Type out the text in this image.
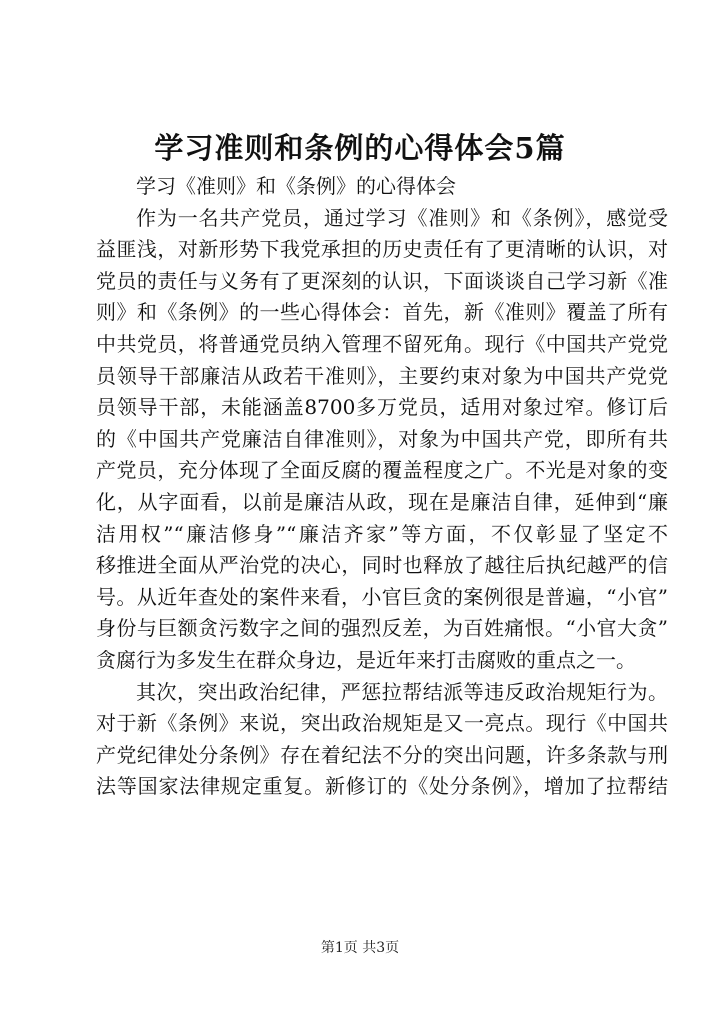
学习准则和条例的心得体会5篇
学习《准则》和《条例》的心得体会
作为一名共产党员，通过学习《准则》和《条例》，感觉受
益匪浅，对新形势下我党承担的历史责任有了更清晰的认识，对
党员的责任与义务有了更深刻的认识，下面谈谈自己学习新《准
则》和《条例》的一些心得体会：首先，新《准则》覆盖了所有
中共党员，将普通党员纳入管理不留死角。现行《中国共产党党
员领导干部廉洁从政若干准则》，主要约束对象为中国共产党党
员领导干部，未能涵盖8700多万党员，适用对象过窄。修订后
的《中国共产党廉洁自律准则》，对象为中国共产党，即所有共
产党员，充分体现了全面反腐的覆盖程度之广。不光是对象的变
化，从字面看，以前是廉洁从政，现在是廉洁自律，延伸到“廉
洁用权”“廉洁修身”“廉洁齐家”等方面，不仅彰显了坚定不
移推进全面从严治党的决心，同时也释放了越往后执纪越严的信
号。从近年查处的案件来看，小官巨贪的案例很是普遍，“小官”
身份与巨额贪污数字之间的强烈反差，为百姓痛恨。“小官大贪”
贪腐行为多发生在群众身边，是近年来打击腐败的重点之一。
其次，突出政治纪律，严惩拉帮结派等违反政治规矩行为。
对于新《条例》来说，突出政治规矩是又一亮点。现行《中国共
产党纪律处分条例》存在着纪法不分的突出问题，许多条款与刑
法等国家法律规定重复。新修订的《处分条例》，增加了拉帮结
第1页 共3页
